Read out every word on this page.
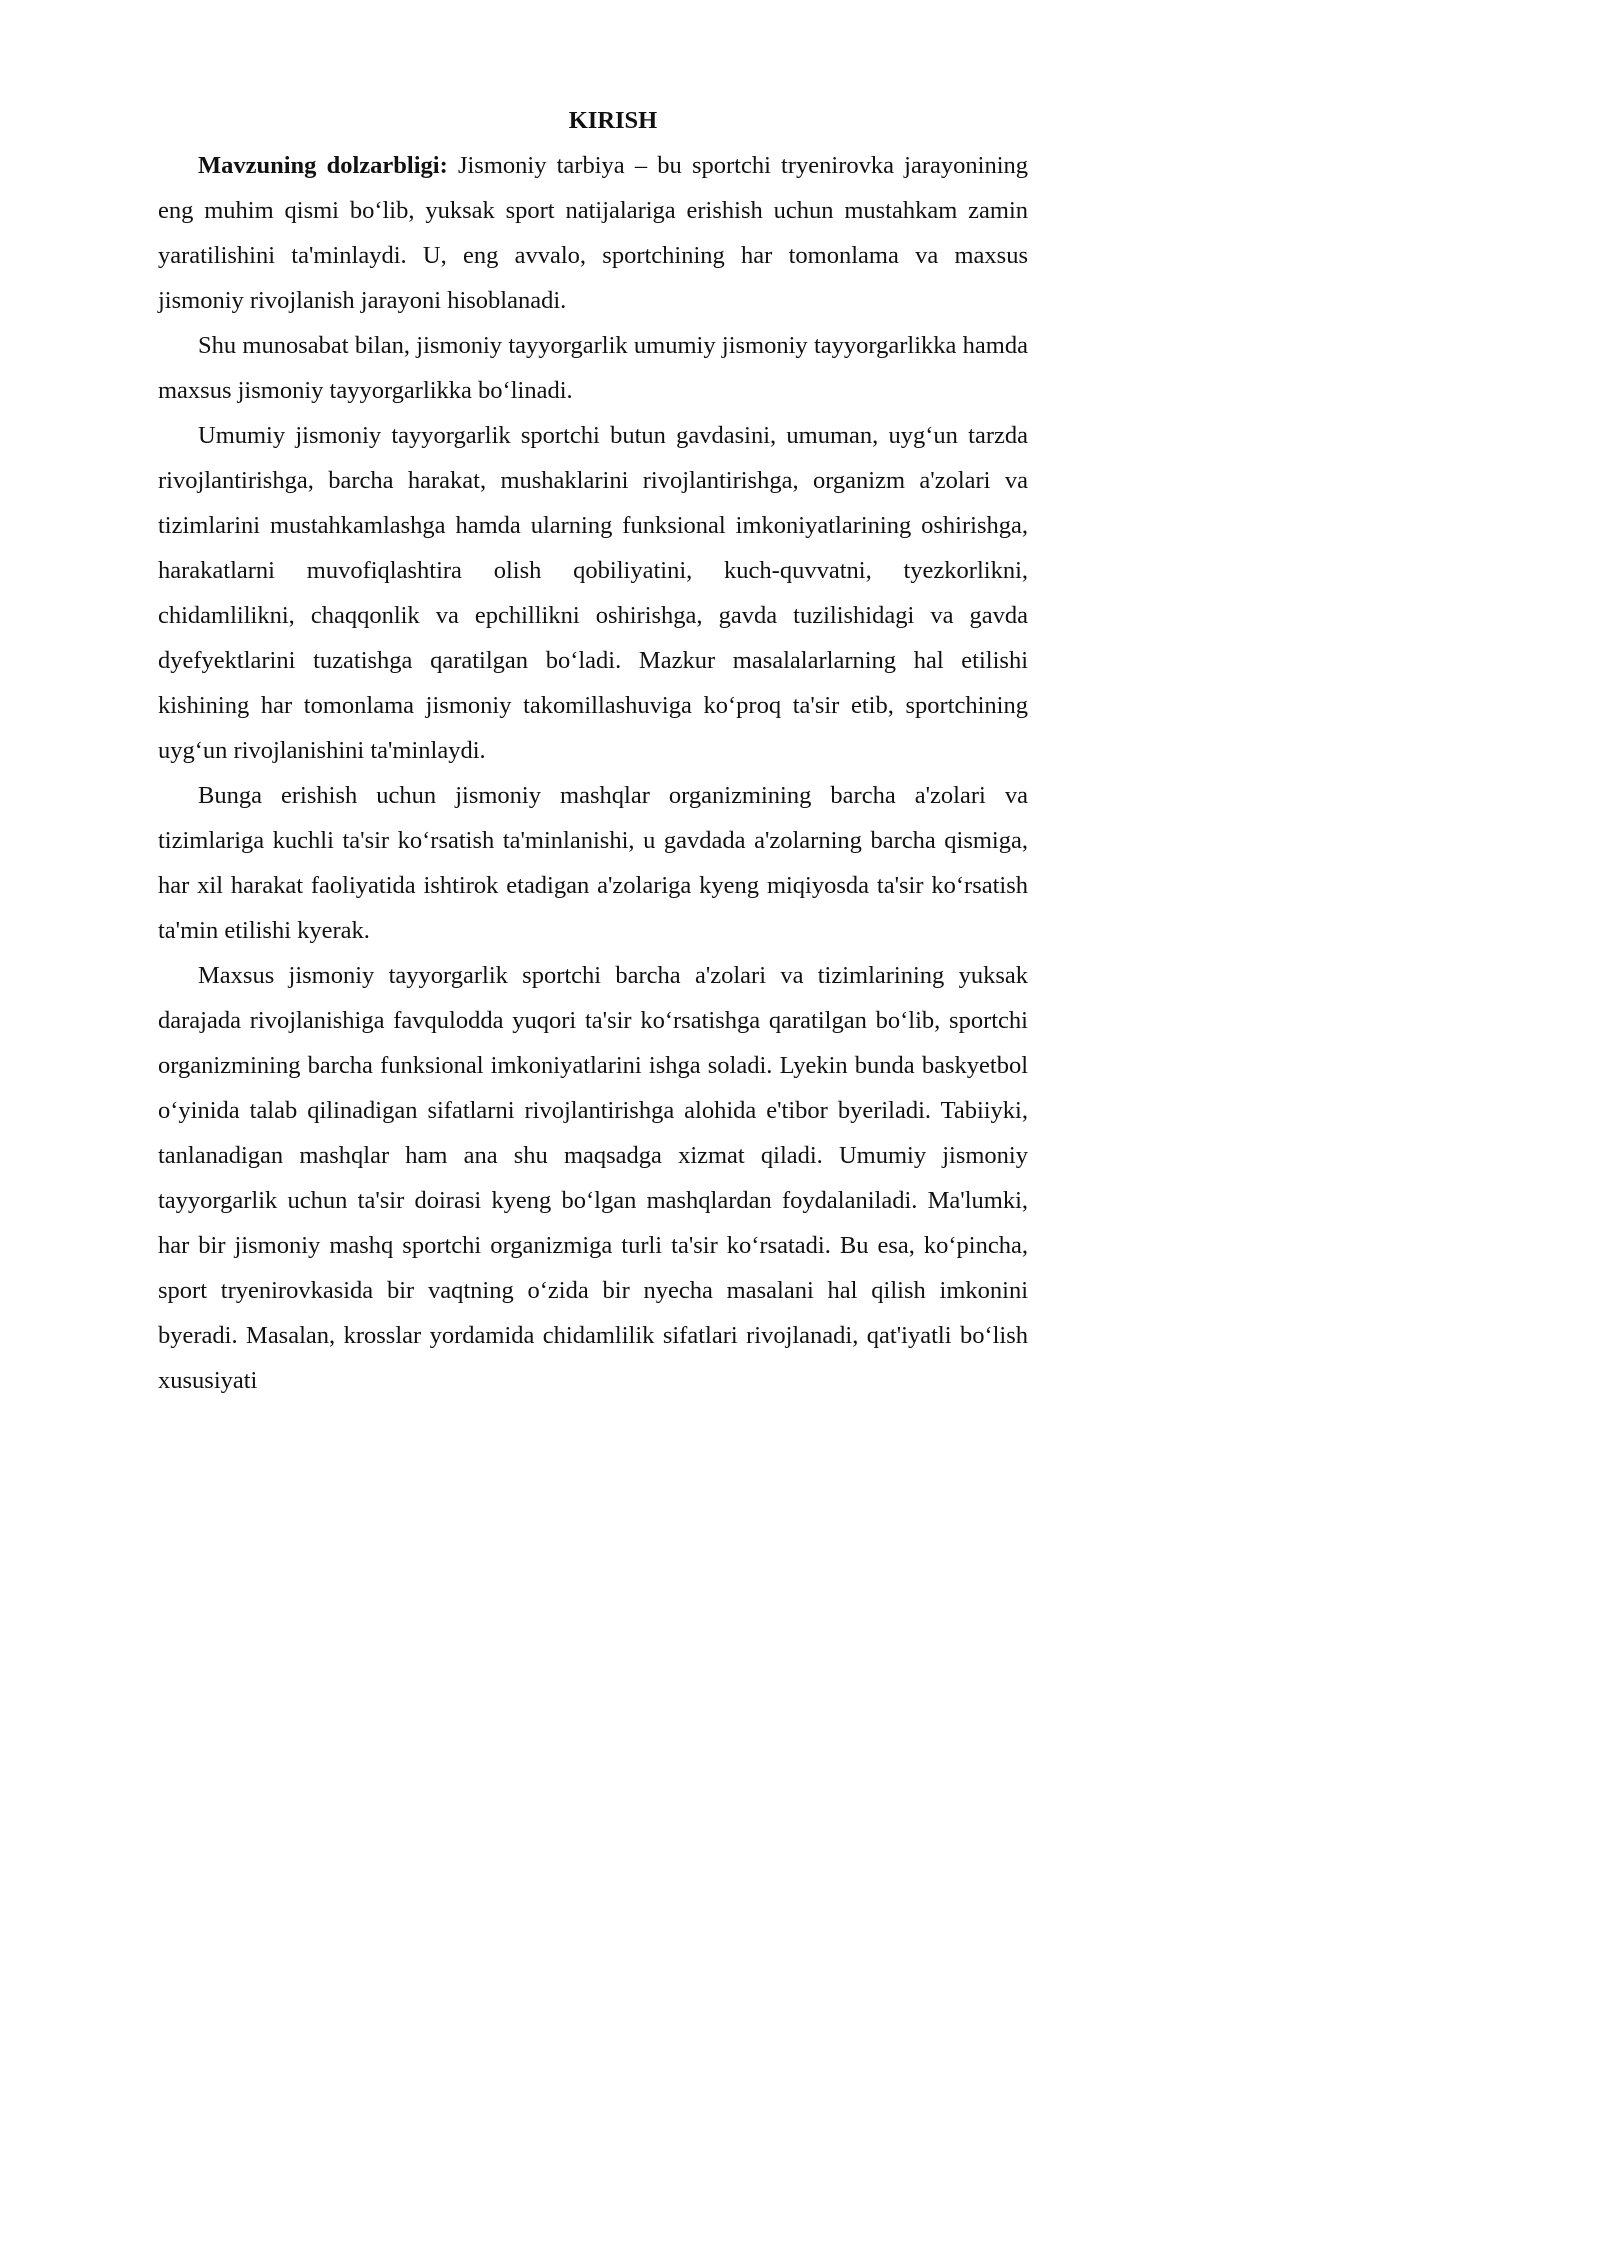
KIRISH

Mavzuning dolzarbligi: Jismoniy tarbiya – bu sportchi tryenirovka jarayonining eng muhim qismi boʻlib, yuksak sport natijalariga erishish uchun mustahkam zamin yaratilishini ta'minlaydi. U, eng avvalo, sportchining har tomonlama va maxsus jismoniy rivojlanish jarayoni hisoblanadi.

Shu munosabat bilan, jismoniy tayyorgarlik umumiy jismoniy tayyorgarlikka hamda maxsus jismoniy tayyorgarlikka boʻlinadi.

Umumiy jismoniy tayyorgarlik sportchi butun gavdasini, umuman, uygʻun tarzda rivojlantirishga, barcha harakat, mushaklarini rivojlantirishga, organizm a'zolari va tizimlarini mustahkamlashga hamda ularning funksional imkoniyatlarining oshirishga, harakatlarni muvofiqlashtira olish qobiliyatini, kuch-quvvatni, tyezkorlikni, chidamlilikni, chaqqonlik va epchillikni oshirishga, gavda tuzilishidagi va gavda dyefyektlarini tuzatishga qaratilgan boʻladi. Mazkur masalalarlarning hal etilishi kishining har tomonlama jismoniy takomillashuviga koʻproq ta'sir etib, sportchining uygʻun rivojlanishini ta'minlaydi.

Bunga erishish uchun jismoniy mashqlar organizmining barcha a'zolari va tizimlariga kuchli ta'sir koʻrsatish ta'minlanishi, u gavdada a'zolarning barcha qismiga, har xil harakat faoliyatida ishtirok etadigan a'zolariga kyeng miqiyosda ta'sir koʻrsatish ta'min etilishi kyerak.

Maxsus jismoniy tayyorgarlik sportchi barcha a'zolari va tizimlarining yuksak darajada rivojlanishiga favqulodda yuqori ta'sir koʻrsatishga qaratilgan boʻlib, sportchi organizmining barcha funksional imkoniyatlarini ishga soladi. Lyekin bunda baskyetbol oʻyinida talab qilinadigan sifatlarni rivojlantirishga alohida e'tibor byeriladi. Tabiiyki, tanlanadigan mashqlar ham ana shu maqsadga xizmat qiladi. Umumiy jismoniy tayyorgarlik uchun ta'sir doirasi kyeng boʻlgan mashqlardan foydalaniladi. Ma'lumki, har bir jismoniy mashq sportchi organizmiga turli ta'sir koʻrsatadi. Bu esa, koʻpincha, sport tryenirovkasida bir vaqtning oʻzida bir nyecha masalani hal qilish imkonini byeradi. Masalan, krosslar yordamida chidamlilik sifatlari rivojlanadi, qat'iyatli boʻlish xususiyati
